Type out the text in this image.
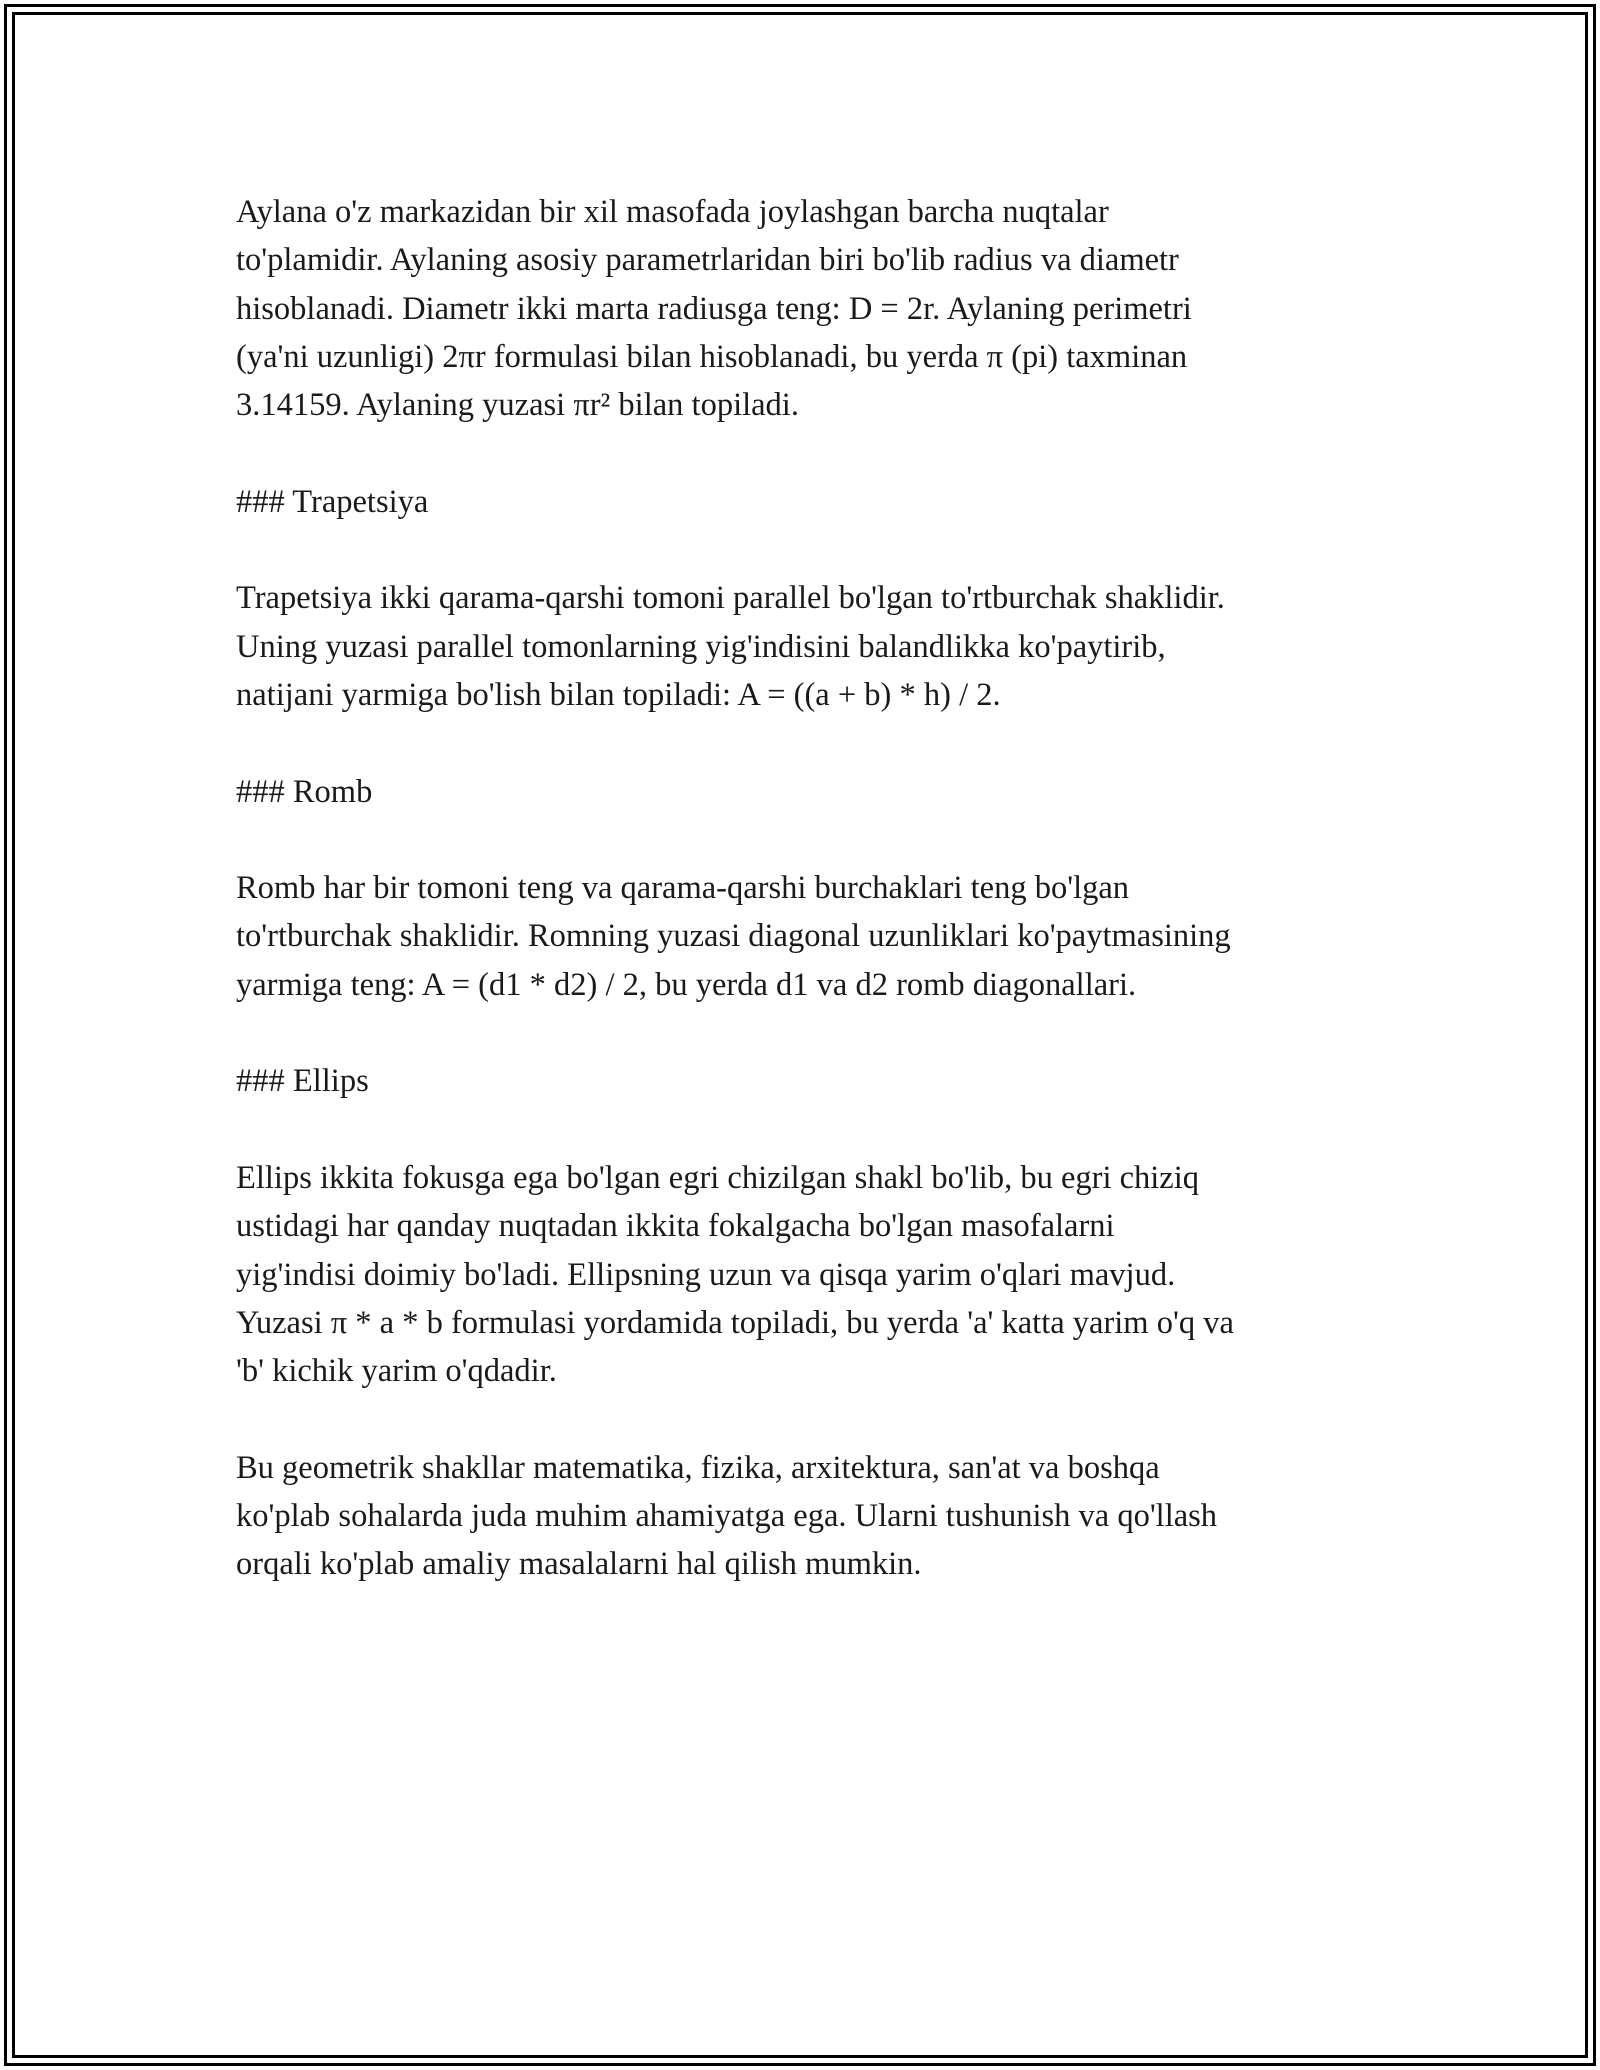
Aylana o'z markazidan bir xil masofada joylashgan barcha nuqtalar
to'plamidir. Aylaning asosiy parametrlaridan biri bo'lib radius va diametr
hisoblanadi. Diametr ikki marta radiusga teng: D = 2r. Aylaning perimetri
(ya'ni uzunligi) 2πr formulasi bilan hisoblanadi, bu yerda π (pi) taxminan
3.14159. Aylaning yuzasi πr² bilan topiladi.

### Trapetsiya

Trapetsiya ikki qarama-qarshi tomoni parallel bo'lgan to'rtburchak shaklidir.
Uning yuzasi parallel tomonlarning yig'indisini balandlikka ko'paytirib,
natijani yarmiga bo'lish bilan topiladi: A = ((a + b) * h) / 2.

### Romb

Romb har bir tomoni teng va qarama-qarshi burchaklari teng bo'lgan
to'rtburchak shaklidir. Romning yuzasi diagonal uzunliklari ko'paytmasining
yarmiga teng: A = (d1 * d2) / 2, bu yerda d1 va d2 romb diagonallari.

### Ellips

Ellips ikkita fokusga ega bo'lgan egri chizilgan shakl bo'lib, bu egri chiziq
ustidagi har qanday nuqtadan ikkita fokalgacha bo'lgan masofalarni
yig'indisi doimiy bo'ladi. Ellipsning uzun va qisqa yarim o'qlari mavjud.
Yuzasi π * a * b formulasi yordamida topiladi, bu yerda 'a' katta yarim o'q va
'b' kichik yarim o'qdadir.

Bu geometrik shakllar matematika, fizika, arxitektura, san'at va boshqa
ko'plab sohalarda juda muhim ahamiyatga ega. Ularni tushunish va qo'llash
orqali ko'plab amaliy masalalarni hal qilish mumkin.
